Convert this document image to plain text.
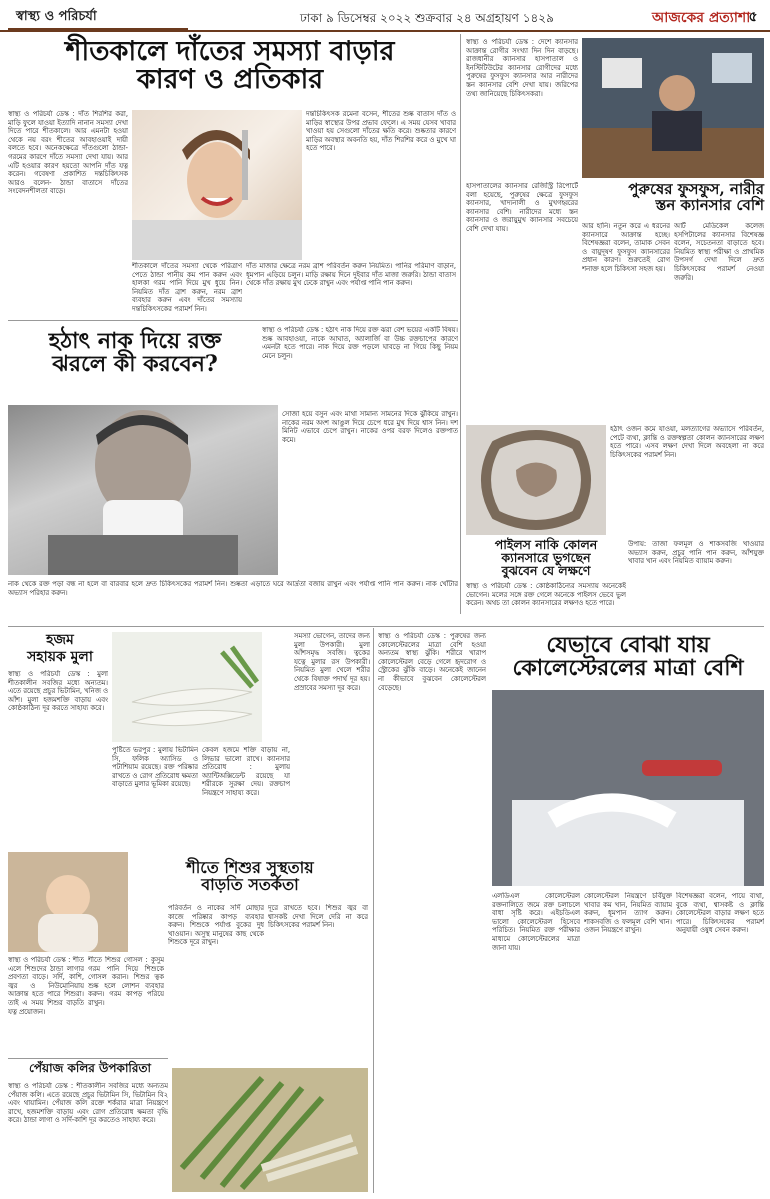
স্বাস্থ্য ও পরিচর্যা	ঢাকা ৯ ডিসেম্বর ২০২২ শুক্রবার ২৪ অগ্রহায়ণ ১৪২৯	আজকের প্রত্যাশা
৫
শীতকালে দাঁতের সমস্যা বাড়ার
কারণ ও প্রতিকার
স্বাস্থ্য ও পরিচর্যা ডেস্ক : দাঁত শিরশির করা, মাড়ি ফুলে যাওয়া ইত্যাদি নানান সমস্যা দেখা দিতে পারে শীতকালে। আর এমনটা হওয়া থেকে নয় বরং শীতের আবহাওয়াই দায়ী বলতে হবে। অনেকক্ষেত্রে দাঁতগুলো ঠান্ডা-গরমের কারণে দাঁতে সমস্যা দেখা যায়। আর এটি হওয়ার কারণ হয়তো আপনি দাঁত যত্ন করেন। গবেষণা প্রকাশিত দন্তচিকিৎসক আরও বলেন- ঠান্ডা বাতাসে দাঁতের সংবেদনশীলতা বাড়ে।
দন্তচিকিৎসক রমেনা বসেন, শীতের শুষ্ক বাতাস দাঁত ও মাড়ির স্বাস্থ্যের উপর প্রভাব ফেলে। এ সময় যেসব খাবার খাওয়া হয় সেগুলো দাঁতের ক্ষতি করে। শুষ্কতার কারণে মাড়ির অবস্থার অবনতি হয়, দাঁত শিরশির করে ও মুখে ঘা হতে পারে।
শীতকালে দাঁতের সমস্যা থেকে পরিত্রাণ পেতে ঠান্ডা পানীয় কম পান করুন এবং হালকা গরম পানি দিয়ে মুখ ধুয়ে নিন। নিয়মিত দাঁত ব্রাশ করুন, নরম ব্রাশ ব্যবহার করুন এবং দাঁতের সমস্যায় দন্তচিকিৎসকের পরামর্শ নিন।
দাঁত মাজার ক্ষেত্রে নরম ব্রাশ পরিবর্তন করুন নিয়মিত। পানির পরিমাণ বাড়ান, ধূমপান এড়িয়ে চলুন। মাড়ি রক্ষায় দিনে দুইবার দাঁত মাজা জরুরি। ঠান্ডা বাতাস থেকে দাঁত রক্ষায় মুখ ঢেকে রাখুন এবং পর্যাপ্ত পানি পান করুন।
স্বাস্থ্য ও পরিচর্যা ডেস্ক : দেশে ক্যানসার আক্রান্ত রোগীর সংখ্যা দিন দিন বাড়ছে। রাজধানীর ক্যানসার হাসপাতাল ও ইনস্টিটিউটের ক্যানসার রোগীদের মধ্যে পুরুষের ফুসফুস ক্যানসার আর নারীদের স্তন ক্যানসার বেশি দেখা যায়। জরিপের তথ্য জানিয়েছে চিকিৎসকরা।
পুরুষের ফুসফুস, নারীর
স্তন ক্যানসার বেশি
হাসপাতালের ক্যানসার রেজিস্ট্রি রিপোর্টে বলা হয়েছে, পুরুষের ক্ষেত্রে ফুসফুস ক্যানসার, খাদ্যনালী ও মুখগহ্বরের ক্যানসার বেশি। নারীদের মধ্যে স্তন ক্যানসার ও জরায়ুমুখ ক্যানসার সবচেয়ে বেশি দেখা যায়।	আর হানি। নতুন করে এ ধরনের ক্যানসারে আক্রান্ত হচ্ছে। বিশেষজ্ঞরা বলেন, তামাক সেবন ও বায়ুদূষণ ফুসফুস ক্যানসারের প্রধান কারণ। শুরুতেই রোগ শনাক্ত হলে চিকিৎসা সহজ হয়।
আর্ট মেডিকেল কলেজ হসপিটালের ক্যানসার বিশেষজ্ঞ বলেন, সচেতনতা বাড়াতে হবে। নিয়মিত স্বাস্থ্য পরীক্ষা ও প্রাথমিক উপসর্গ দেখা দিলে দ্রুত চিকিৎসকের পরামর্শ নেওয়া জরুরি।
হঠাৎ নাক দিয়ে রক্ত
ঝরলে কী করবেন?
স্বাস্থ্য ও পরিচর্যা ডেস্ক : হঠাৎ নাক দিয়ে রক্ত ঝরা বেশ ভয়ের একটি বিষয়। শুষ্ক আবহাওয়া, নাকে আঘাত, অ্যালার্জি বা উচ্চ রক্তচাপের কারণে এমনটা হতে পারে। নাক দিয়ে রক্ত পড়লে ঘাবড়ে না গিয়ে কিছু নিয়ম মেনে চলুন।
সোজা হয়ে বসুন এবং মাথা সামান্য সামনের দিকে ঝুঁকিয়ে রাখুন। নাকের নরম অংশ আঙুল দিয়ে চেপে ধরে মুখ দিয়ে শ্বাস নিন। দশ মিনিট এভাবে চেপে রাখুন। নাকের ওপর বরফ দিলেও রক্তপাত কমে।
নাক থেকে রক্ত পড়া বন্ধ না হলে বা বারবার হলে দ্রুত চিকিৎসকের পরামর্শ নিন। শুষ্কতা এড়াতে ঘরে আর্দ্রতা বজায় রাখুন এবং পর্যাপ্ত পানি পান করুন। নাক খোঁটার অভ্যাস পরিহার করুন।
হঠাৎ ওজন কমে যাওয়া, মলত্যাগের অভ্যাসে পরিবর্তন, পেটে ব্যথা, ক্লান্তি ও রক্তস্বল্পতা কোলন ক্যানসারের লক্ষণ হতে পারে। এসব লক্ষণ দেখা দিলে অবহেলা না করে চিকিৎসকের পরামর্শ নিন।
পাইলস নাকি কোলন
ক্যানসারে ভুগছেন
বুঝবেন যে লক্ষণে
উপায়: তাজা ফলমূল ও শাকসবজি খাওয়ার অভ্যাস করুন, প্রচুর পানি পান করুন, আঁশযুক্ত খাবার খান এবং নিয়মিত ব্যায়াম করুন।
স্বাস্থ্য ও পরিচর্যা ডেস্ক : কোষ্ঠকাঠিন্যের সমস্যায় অনেকেই ভোগেন। মলের সঙ্গে রক্ত গেলে অনেকে পাইলস ভেবে ভুল করেন। অথচ তা কোলন ক্যানসারের লক্ষণও হতে পারে।
হজম
সহায়ক মুলা
স্বাস্থ্য ও পরিচর্যা ডেস্ক : মুলা শীতকালীন সবজির মধ্যে অন্যতম। এতে রয়েছে প্রচুর ভিটামিন, খনিজ ও আঁশ। মুলা হজমশক্তি বাড়ায় এবং কোষ্ঠকাঠিন্য দূর করতে সাহায্য করে।
পুষ্টিতে ভরপুর : মুলায় ভিটামিন সি, ফলিক অ্যাসিড ও পটাশিয়াম রয়েছে। রক্ত পরিষ্কার রাখতে ও রোগ প্রতিরোধ ক্ষমতা বাড়াতে মুলার ভূমিকা রয়েছে।
কেবল হজমে শক্তি বাড়ায় না, লিভার ভালো রাখে। ক্যানসার প্রতিরোধ : মুলায় অ্যান্টিঅক্সিডেন্ট রয়েছে যা শরীরকে সুরক্ষা দেয়। রক্তচাপ নিয়ন্ত্রণে সাহায্য করে।
সমস্যা ভোগেন, তাদের জন্য মুলা উপকারী। মুলা আঁশসমৃদ্ধ সবজি। ত্বকের যত্নে মুলার রস উপকারী। নিয়মিত মুলা খেলে শরীর থেকে বিষাক্ত পদার্থ দূর হয়। প্রস্রাবের সমস্যা দূর করে।
শীতে শিশুর সুস্থতায়
বাড়তি সতর্কতা
স্বাস্থ্য ও পরিচর্যা ডেস্ক : শীত এলে শিশুদের ঠান্ডা লাগার প্রবণতা বাড়ে। সর্দি, কাশি, জ্বর ও নিউমোনিয়ায় আক্রান্ত হতে পারে শিশুরা। তাই এ সময় শিশুর বাড়তি যত্ন প্রয়োজন।
শীতে শিশুর গোসল : কুসুম গরম পানি দিয়ে শিশুকে গোসল করান। শিশুর ত্বক শুষ্ক হলে লোশন ব্যবহার করুন। গরম কাপড় পরিয়ে রাখুন।
পরিবর্তন ও নাকের সর্দি মোছার কাজে পরিষ্কার কাপড় ব্যবহার করুন। শিশুকে পর্যাপ্ত বুকের দুধ খাওয়ান। অসুস্থ মানুষের কাছ থেকে শিশুকে দূরে রাখুন।
দূরে রাখতে হবে। শিশুর জ্বর বা শ্বাসকষ্ট দেখা দিলে দেরি না করে চিকিৎসকের পরামর্শ নিন।
পেঁয়াজ কলির উপকারিতা
স্বাস্থ্য ও পরিচর্যা ডেস্ক : শীতকালীন সবজির মধ্যে অন্যতম পেঁয়াজ কলি। এতে রয়েছে প্রচুর ভিটামিন সি, ভিটামিন বি২ এবং থায়ামিন। পেঁয়াজ কলি রক্তে শর্করার মাত্রা নিয়ন্ত্রণে রাখে, হজমশক্তি বাড়ায় এবং রোগ প্রতিরোধ ক্ষমতা বৃদ্ধি করে। ঠান্ডা লাগা ও সর্দি-কাশি দূর করতেও সাহায্য করে।
স্বাস্থ্য ও পরিচর্যা ডেস্ক : পুরুষের জন্য কোলেস্টেরলের মাত্রা বেশি হওয়া অন্যতম স্বাস্থ্য ঝুঁকি। শরীরে খারাপ কোলেস্টেরল বেড়ে গেলে হৃদরোগ ও স্ট্রোকের ঝুঁকি বাড়ে। অনেকেই জানেন না কীভাবে বুঝবেন কোলেস্টেরল বেড়েছে।
যেভাবে বোঝা যায়
কোলেস্টেরলের মাত্রা বেশি
এলডিএল কোলেস্টেরল রক্তনালিতে জমে রক্ত চলাচলে বাধা সৃষ্টি করে। এইচডিএল ভালো কোলেস্টেরল হিসেবে পরিচিত। নিয়মিত রক্ত পরীক্ষার মাধ্যমে কোলেস্টেরলের মাত্রা জানা যায়।
কোলেস্টেরল নিয়ন্ত্রণে চর্বিযুক্ত খাবার কম খান, নিয়মিত ব্যায়াম করুন, ধূমপান ত্যাগ করুন। শাকসবজি ও ফলমূল বেশি খান। ওজন নিয়ন্ত্রণে রাখুন।
বিশেষজ্ঞরা বলেন, পায়ে ব্যথা, বুকে ব্যথা, শ্বাসকষ্ট ও ক্লান্তি কোলেস্টেরল বাড়ার লক্ষণ হতে পারে। চিকিৎসকের পরামর্শ অনুযায়ী ওষুধ সেবন করুন।
